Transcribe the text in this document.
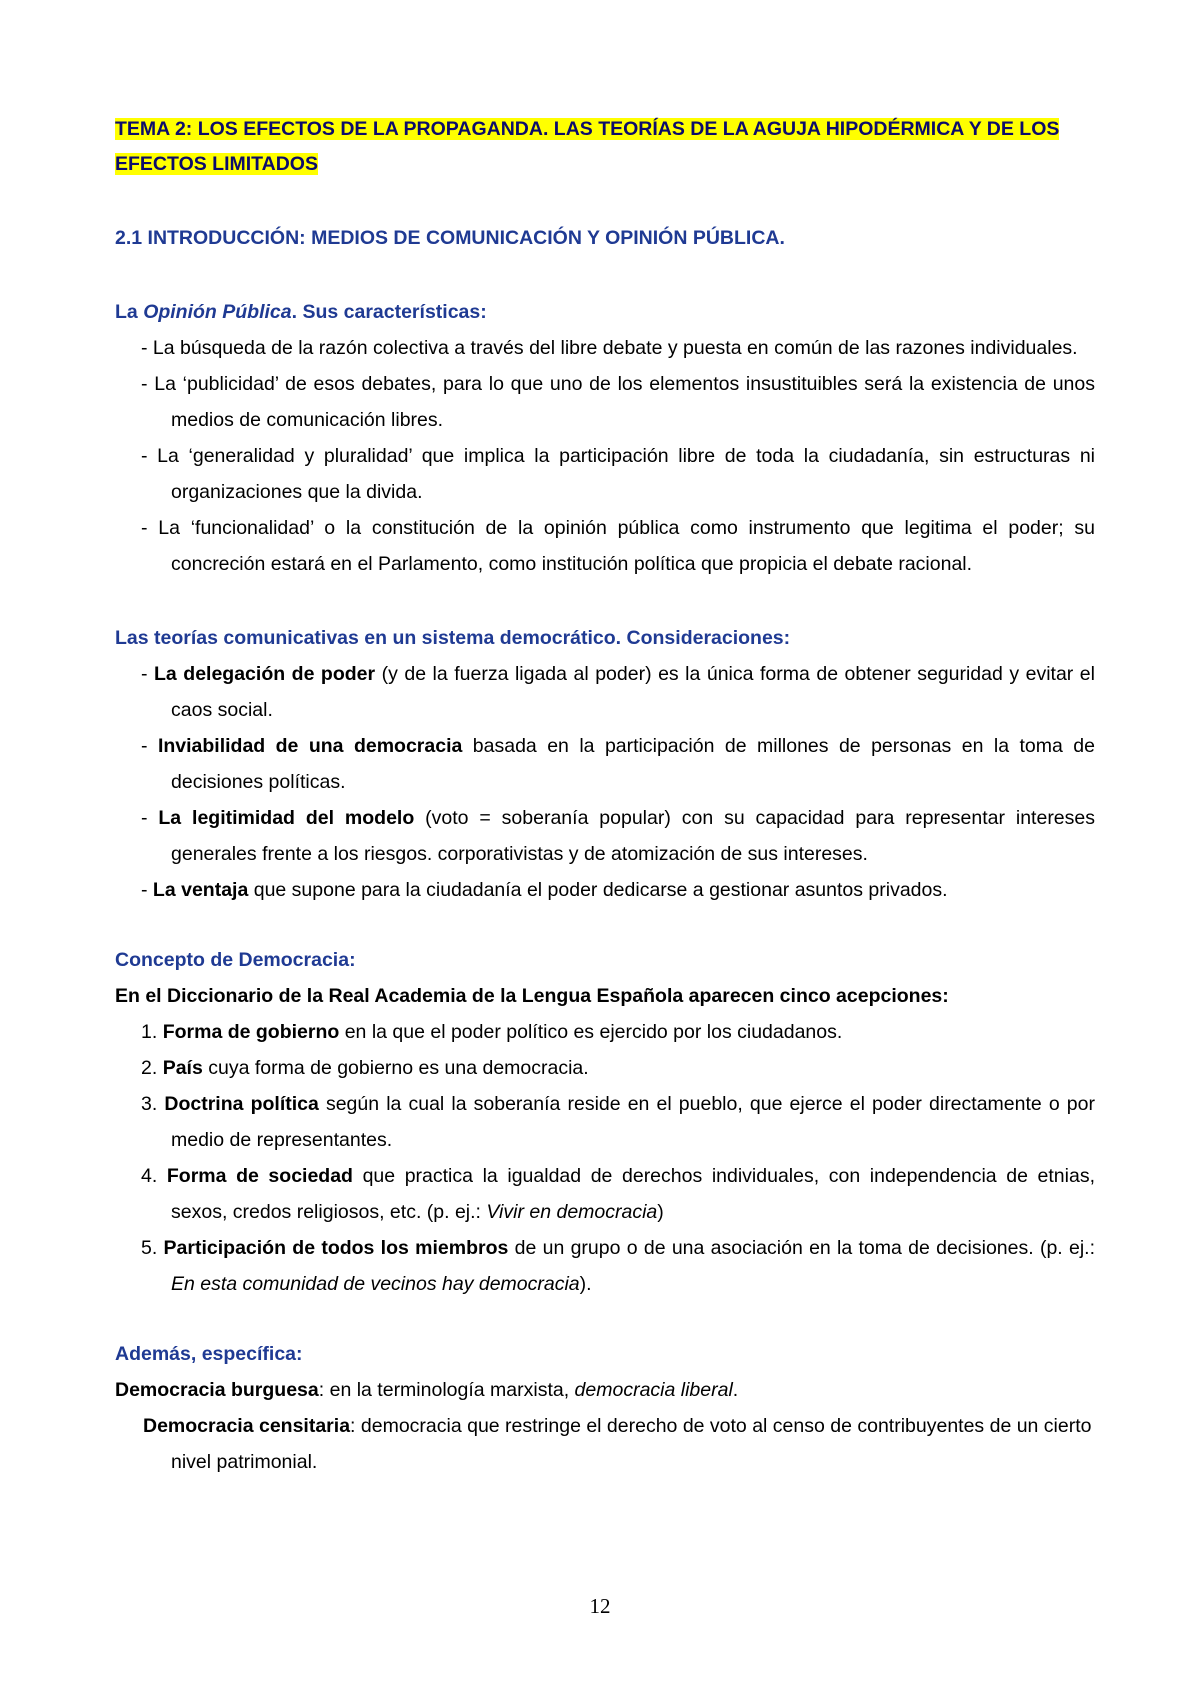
TEMA 2: LOS EFECTOS DE LA PROPAGANDA. LAS TEORÍAS DE LA AGUJA HIPODÉRMICA Y DE LOS
EFECTOS LIMITADOS

2.1 INTRODUCCIÓN: MEDIOS DE COMUNICACIÓN Y OPINIÓN PÚBLICA.

La Opinión Pública. Sus características:

- La búsqueda de la razón colectiva a través del libre debate y puesta en común de las razones individuales.

- La ‘publicidad’ de esos debates, para lo que uno de los elementos insustituibles será la existencia de unos medios de comunicación libres.

- La ‘generalidad y pluralidad’ que implica la participación libre de toda la ciudadanía, sin estructuras ni organizaciones que la divida.

- La ‘funcionalidad’ o la constitución de la opinión pública como instrumento que legitima el poder; su concreción estará en el Parlamento, como institución política que propicia el debate racional.

Las teorías comunicativas en un sistema democrático. Consideraciones:

- La delegación de poder (y de la fuerza ligada al poder) es la única forma de obtener seguridad y evitar el caos social.

- Inviabilidad de una democracia basada en la participación de millones de personas en la toma de decisiones políticas.

- La legitimidad del modelo (voto = soberanía popular) con su capacidad para representar intereses generales frente a los riesgos. corporativistas y de atomización de sus intereses.

- La ventaja que supone para la ciudadanía el poder dedicarse a gestionar asuntos privados.

Concepto de Democracia:

En el Diccionario de la Real Academia de la Lengua Española aparecen cinco acepciones:

1. Forma de gobierno en la que el poder político es ejercido por los ciudadanos.

2. País cuya forma de gobierno es una democracia.

3. Doctrina política según la cual la soberanía reside en el pueblo, que ejerce el poder directamente o por medio de representantes.

4. Forma de sociedad que practica la igualdad de derechos individuales, con independencia de etnias, sexos, credos religiosos, etc. (p. ej.: Vivir en democracia)

5. Participación de todos los miembros de un grupo o de una asociación en la toma de decisiones. (p. ej.: En esta comunidad de vecinos hay democracia).

Además, específica:

Democracia burguesa: en la terminología marxista, democracia liberal.

Democracia censitaria: democracia que restringe el derecho de voto al censo de contribuyentes de un cierto nivel patrimonial.

12
